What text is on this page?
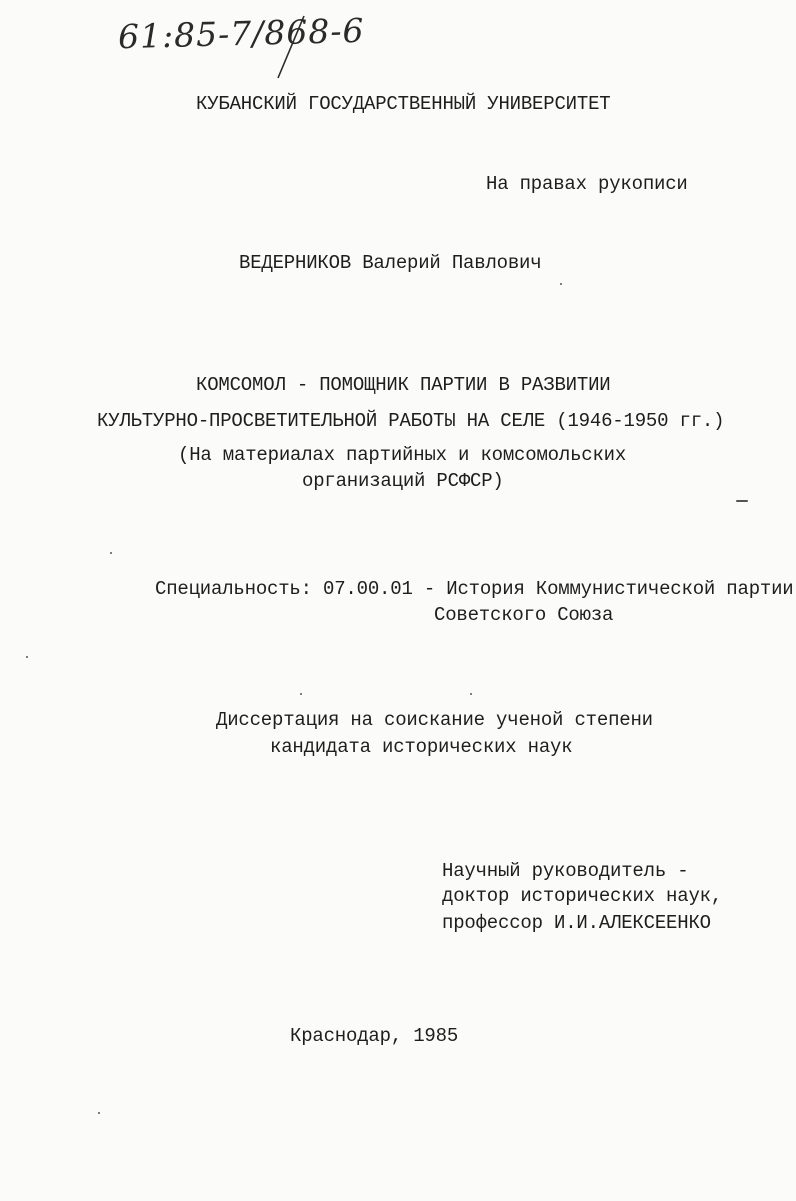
61:85-7/868-6
КУБАНСКИЙ ГОСУДАРСТВЕННЫЙ УНИВЕРСИТЕТ
На правах рукописи
ВЕДЕРНИКОВ Валерий Павлович
КОМСОМОЛ - ПОМОЩНИК ПАРТИИ В РАЗВИТИИ
КУЛЬТУРНО-ПРОСВЕТИТЕЛЬНОЙ РАБОТЫ НА СЕЛЕ (1946-1950 гг.)
(На материалах партийных и комсомольских
организаций РСФСР)
Специальность: 07.00.01 - История Коммунистической партии
Советского Союза
Диссертация на соискание ученой степени
кандидата исторических наук
Научный руководитель -
доктор исторических наук,
профессор И.И.АЛЕКСЕЕНКО
Краснодар, 1985
